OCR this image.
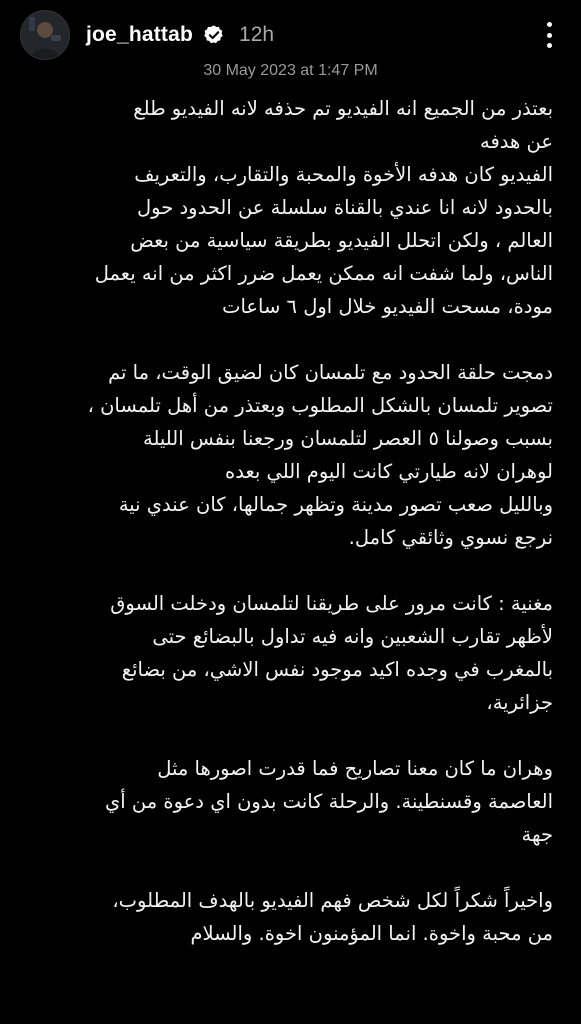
joe_hattab 12h
30 May 2023 at 1:47 PM
بعتذر من الجميع انه الفيديو تم حذفه لانه الفيديو طلع
عن هدفه
الفيديو كان هدفه الأخوة والمحبة والتقارب، والتعريف
بالحدود لانه انا عندي بالقناة سلسلة عن الحدود حول
العالم ، ولكن اتحلل الفيديو بطريقة سياسية من بعض
الناس، ولما شفت انه ممكن يعمل ضرر اكثر من انه يعمل
مودة، مسحت الفيديو خلال اول ٦ ساعات
دمجت حلقة الحدود مع تلمسان كان لضيق الوقت، ما تم
تصوير تلمسان بالشكل المطلوب وبعتذر من أهل تلمسان ،
بسبب وصولنا ٥ العصر لتلمسان ورجعنا بنفس الليلة
لوهران لانه طيارتي كانت اليوم اللي بعده
وبالليل صعب تصور مدينة وتظهر جمالها، كان عندي نية
نرجع نسوي وثائقي كامل.
مغنية : كانت مرور على طريقنا لتلمسان ودخلت السوق
لأظهر تقارب الشعبين وانه فيه تداول بالبضائع حتى
بالمغرب في وجده اكيد موجود نفس الاشي، من بضائع
جزائرية،
وهران ما كان معنا تصاريح فما قدرت اصورها مثل
العاصمة وقسنطينة. والرحلة كانت بدون اي دعوة من أي
جهة
واخيراً شكراً لكل شخص فهم الفيديو بالهدف المطلوب،
من محبة واخوة. انما المؤمنون اخوة. والسلام
